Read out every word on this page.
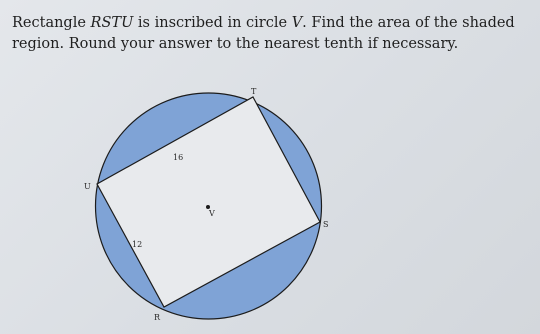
Rectangle RSTU is inscribed in circle V. Find the area of the shaded region. Round your answer to the nearest tenth if necessary.
T
U
S
R
V
16
12
